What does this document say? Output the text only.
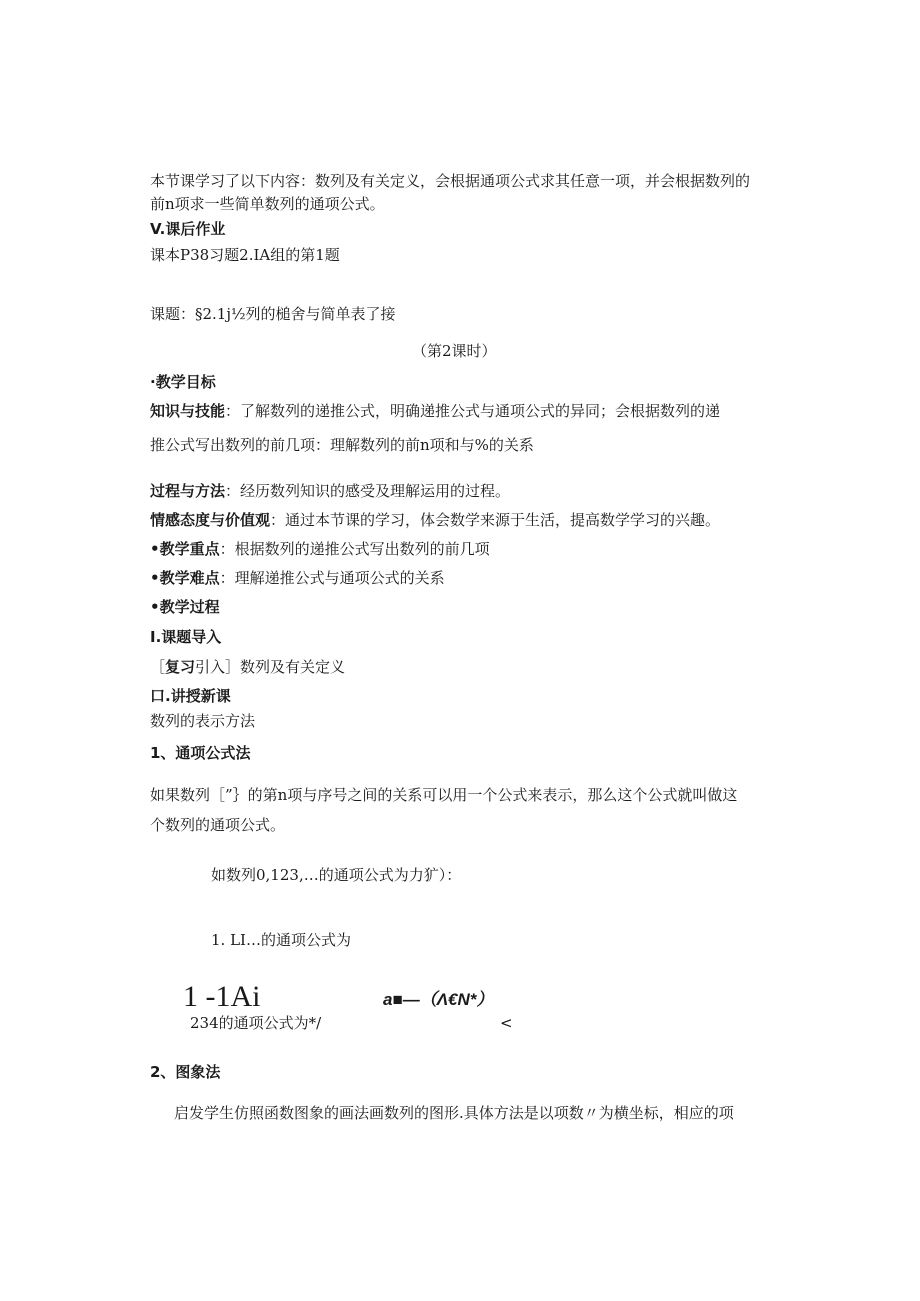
本节课学习了以下内容：数列及有关定义，会根据通项公式求其任意一项，并会根据数列的
前n项求一些简单数列的通项公式。
V.课后作业
课本P38习题2.IA组的第1题
课题：§2.1j½列的槌舍与简单表了接
（第2课时）
·教学目标
知识与技能：了解数列的递推公式，明确递推公式与通项公式的异同；会根据数列的递
推公式写出数列的前几项：理解数列的前n项和与%的关系
过程与方法：经历数列知识的感受及理解运用的过程。
情感态度与价值观：通过本节课的学习，体会数学来源于生活，提高数学学习的兴趣。
•教学重点：根据数列的递推公式写出数列的前几项
•教学难点：理解递推公式与通项公式的关系
•教学过程
I.课题导入
［复习引入］数列及有关定义
口.讲授新课
数列的表示方法
1、通项公式法
如果数列［”｝的第n项与序号之间的关系可以用一个公式来表示，那么这个公式就叫做这
个数列的通项公式。
如数列0,123,…的通项公式为力犷）：
1. LI…的通项公式为
1 -1Ai	a■—（Λ€N*）
234的通项公式为*/	<
2、图象法
启发学生仿照函数图象的画法画数列的图形.具体方法是以项数〃为横坐标，相应的项
